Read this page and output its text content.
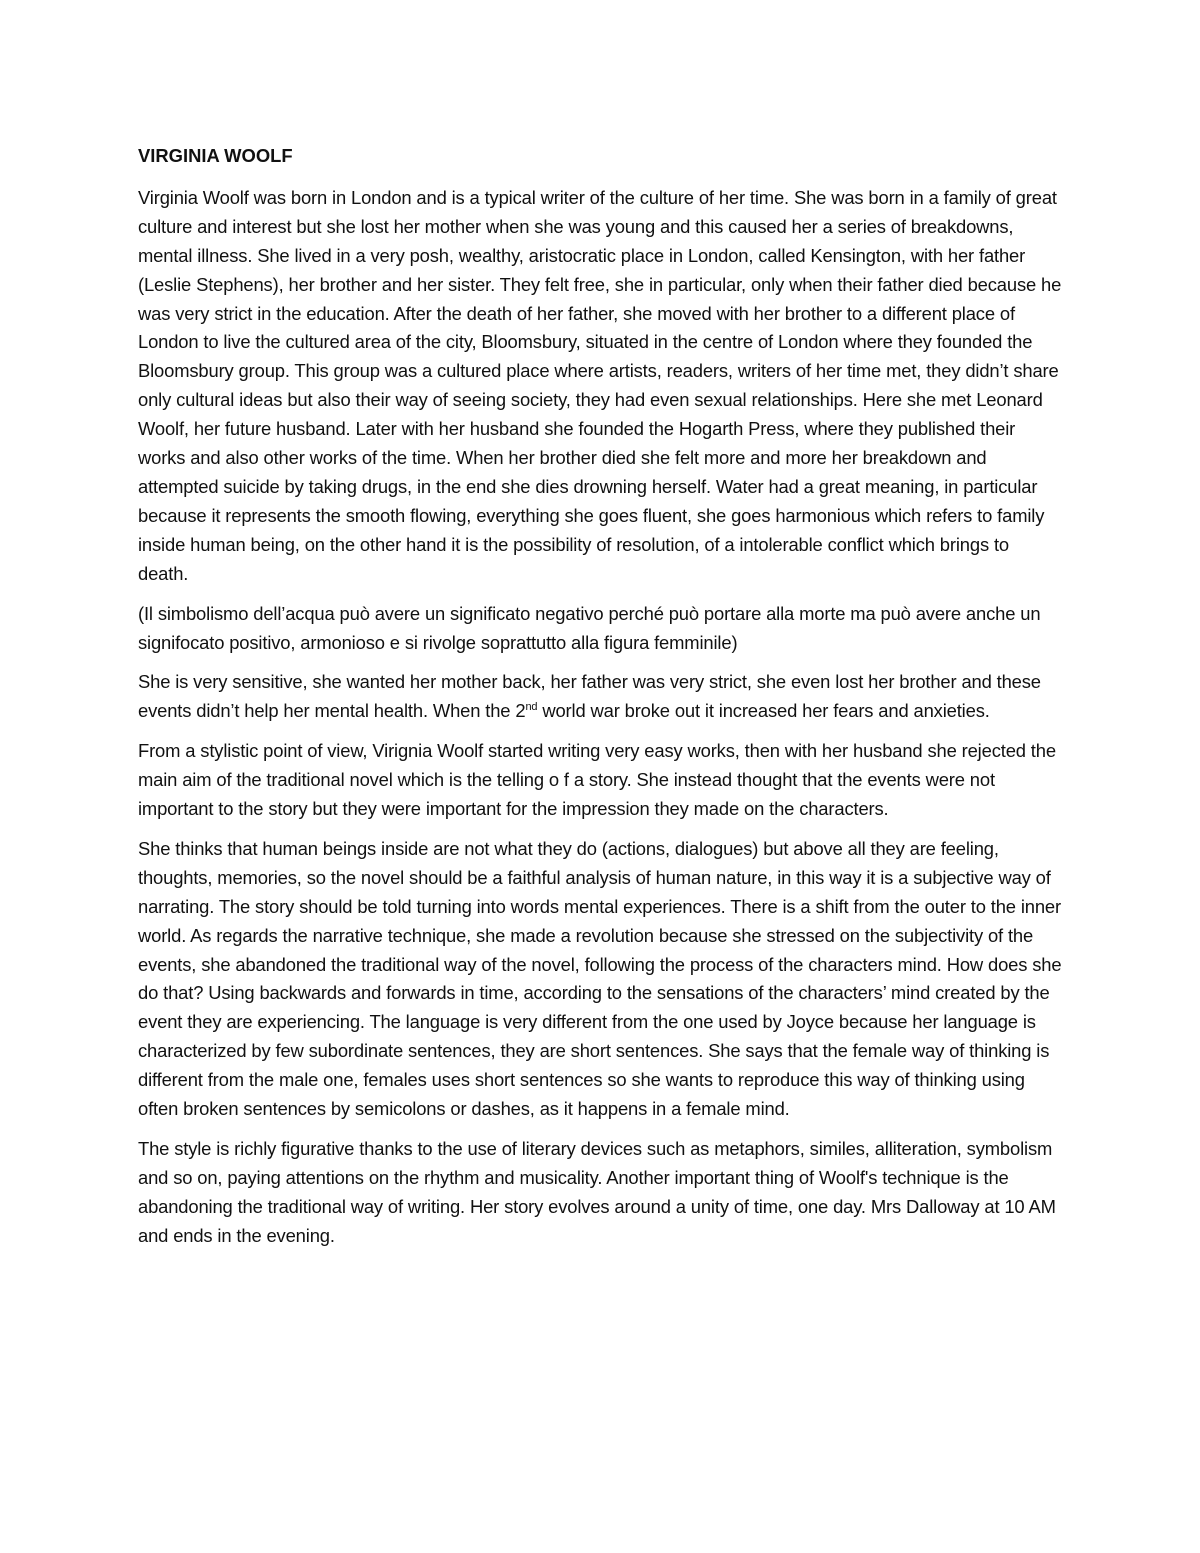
VIRGINIA WOOLF

Virginia Woolf was born in London and is a typical writer of the culture of her time. She was born in a family of great culture and interest but she lost her mother when she was young and this caused her a series of breakdowns, mental illness. She lived in a very posh, wealthy, aristocratic place in London, called Kensington, with her father (Leslie Stephens), her brother and her sister. They felt free, she in particular, only when their father died because he was very strict in the education. After the death of her father, she moved with her brother to a different place of London to live the cultured area of the city, Bloomsbury, situated in the centre of London where they founded the Bloomsbury group. This group was a cultured place where artists, readers, writers of her time met, they didn’t share only cultural ideas but also their way of seeing society, they had even sexual relationships. Here she met Leonard Woolf, her future husband. Later with her husband she founded the Hogarth Press, where they published their works and also other works of the time. When her brother died she felt more and more her breakdown and attempted suicide by taking drugs, in the end she dies drowning herself. Water had a great meaning, in particular because it represents the smooth flowing, everything she goes fluent, she goes harmonious which refers to family inside human being, on the other hand it is the possibility of resolution, of a intolerable conflict which brings to death.

(Il simbolismo dell’acqua può avere un significato negativo perché può portare alla morte ma può avere anche un signifocato positivo, armonioso e si rivolge soprattutto alla figura femminile)

She is very sensitive, she wanted her mother back, her father was very strict, she even lost her brother and these events didn’t help her mental health. When the 2nd world war broke out it increased her fears and anxieties.

From a stylistic point of view, Virignia Woolf started writing very easy works, then with her husband she rejected the main aim of the traditional novel which is the telling o f a story. She instead thought that the events were not important to the story but they were important for the impression they made on the characters.

She thinks that human beings inside are not what they do (actions, dialogues) but above all they are feeling, thoughts, memories, so the novel should be a faithful analysis of human nature, in this way it is a subjective way of narrating. The story should be told turning into words mental experiences. There is a shift from the outer to the inner world. As regards the narrative technique, she made a revolution because she stressed on the subjectivity of the events, she abandoned the traditional way of the novel, following the process of the characters mind. How does she do that? Using backwards and forwards in time, according to the sensations of the characters’ mind created by the event they are experiencing. The language is very different from the one used by Joyce because her language is characterized by few subordinate sentences, they are short sentences. She says that the female way of thinking is different from the male one, females uses short sentences so she wants to reproduce this way of thinking using often broken sentences by semicolons or dashes, as it happens in a female mind.

The style is richly figurative thanks to the use of literary devices such as metaphors, similes, alliteration, symbolism and so on, paying attentions on the rhythm and musicality. Another important thing of Woolf's technique is the abandoning the traditional way of writing. Her story evolves around a unity of time, one day. Mrs Dalloway at 10 AM and ends in the evening.
